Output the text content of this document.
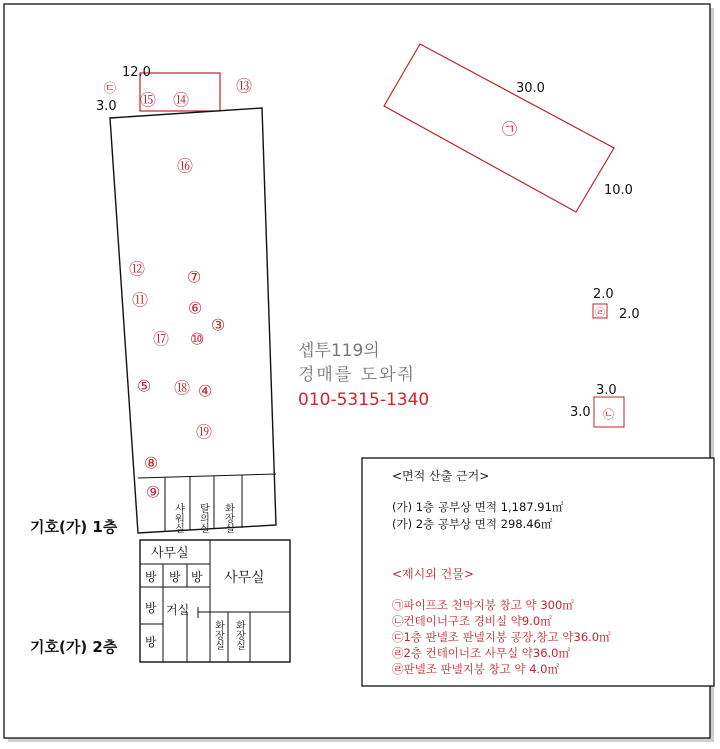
12.0
3.0
㉢
샤워실 탈의실 화장실
⑮ ⑭
⑬
⑯
⑫	⑦
⑪ ⑥
③
⑰ ⑩
⑤ ⑱ ④
⑲
⑧
⑨
기호(가) 1층
기호(가) 2층
사무실
사무실
방 방 방
방
방
거실
화장실 화장실
30.0
10.0
㉠
2.0
2.0
㉣
3.0
3.0 ㉡
셉투119의
경매를 도와줘
010-5315-1340
<면적 산출 근거>
(가) 1층 공부상 면적 1,187.91㎡
(가) 2층 공부상 면적 298.46㎡
<제시외 건물>
㉠파이프조 천막지붕 창고 약 300㎡
㉡컨테이너구조 경비실 약9.0㎡
㉢1층 판넬조 판넬지붕 공장,창고 약36.0㎡
㉣2층 컨테이너조 사무실 약36.0㎡
㉣판넬조 판넬지붕 창고 약 4.0㎡
